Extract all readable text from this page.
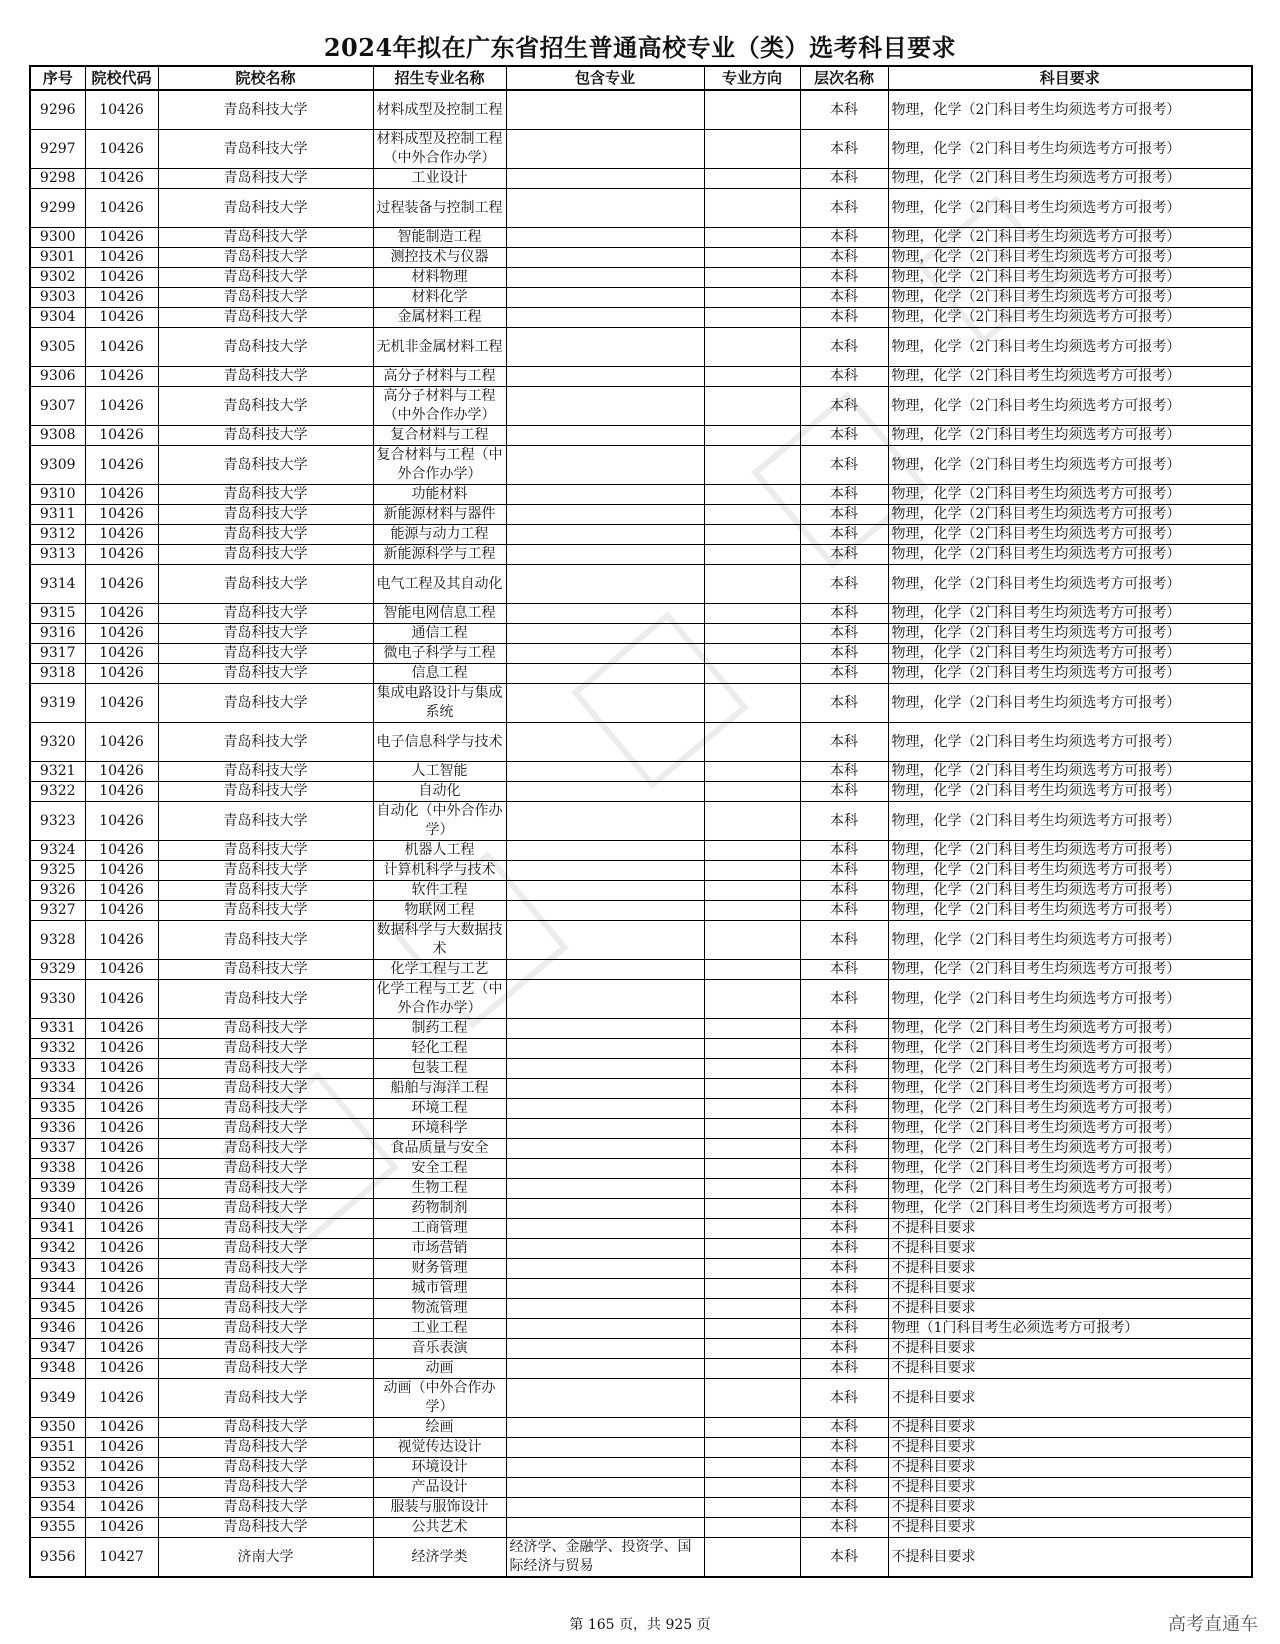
2024年拟在广东省招生普通高校专业（类）选考科目要求
序号	院校代码	院校名称	招生专业名称	包含专业	专业方向	层次名称	科目要求

9296	10426	青岛科技大学	材料成型及控制工程			本科	物理，化学（2门科目考生均须选考方可报考）

9297	10426	青岛科技大学	材料成型及控制工程（中外合作办学）			本科	物理，化学（2门科目考生均须选考方可报考）

9298	10426	青岛科技大学	工业设计			本科	物理，化学（2门科目考生均须选考方可报考）

9299	10426	青岛科技大学	过程装备与控制工程			本科	物理，化学（2门科目考生均须选考方可报考）

9300	10426	青岛科技大学	智能制造工程			本科	物理，化学（2门科目考生均须选考方可报考）

9301	10426	青岛科技大学	测控技术与仪器			本科	物理，化学（2门科目考生均须选考方可报考）

9302	10426	青岛科技大学	材料物理			本科	物理，化学（2门科目考生均须选考方可报考）

9303	10426	青岛科技大学	材料化学			本科	物理，化学（2门科目考生均须选考方可报考）

9304	10426	青岛科技大学	金属材料工程			本科	物理，化学（2门科目考生均须选考方可报考）

9305	10426	青岛科技大学	无机非金属材料工程			本科	物理，化学（2门科目考生均须选考方可报考）

9306	10426	青岛科技大学	高分子材料与工程			本科	物理，化学（2门科目考生均须选考方可报考）

9307	10426	青岛科技大学	高分子材料与工程（中外合作办学）			本科	物理，化学（2门科目考生均须选考方可报考）

9308	10426	青岛科技大学	复合材料与工程			本科	物理，化学（2门科目考生均须选考方可报考）

9309	10426	青岛科技大学	复合材料与工程（中外合作办学）			本科	物理，化学（2门科目考生均须选考方可报考）

9310	10426	青岛科技大学	功能材料			本科	物理，化学（2门科目考生均须选考方可报考）

9311	10426	青岛科技大学	新能源材料与器件			本科	物理，化学（2门科目考生均须选考方可报考）

9312	10426	青岛科技大学	能源与动力工程			本科	物理，化学（2门科目考生均须选考方可报考）

9313	10426	青岛科技大学	新能源科学与工程			本科	物理，化学（2门科目考生均须选考方可报考）

9314	10426	青岛科技大学	电气工程及其自动化			本科	物理，化学（2门科目考生均须选考方可报考）

9315	10426	青岛科技大学	智能电网信息工程			本科	物理，化学（2门科目考生均须选考方可报考）

9316	10426	青岛科技大学	通信工程			本科	物理，化学（2门科目考生均须选考方可报考）

9317	10426	青岛科技大学	微电子科学与工程			本科	物理，化学（2门科目考生均须选考方可报考）

9318	10426	青岛科技大学	信息工程			本科	物理，化学（2门科目考生均须选考方可报考）

9319	10426	青岛科技大学	集成电路设计与集成系统			本科	物理，化学（2门科目考生均须选考方可报考）

9320	10426	青岛科技大学	电子信息科学与技术			本科	物理，化学（2门科目考生均须选考方可报考）

9321	10426	青岛科技大学	人工智能			本科	物理，化学（2门科目考生均须选考方可报考）

9322	10426	青岛科技大学	自动化			本科	物理，化学（2门科目考生均须选考方可报考）

9323	10426	青岛科技大学	自动化（中外合作办学）			本科	物理，化学（2门科目考生均须选考方可报考）

9324	10426	青岛科技大学	机器人工程			本科	物理，化学（2门科目考生均须选考方可报考）

9325	10426	青岛科技大学	计算机科学与技术			本科	物理，化学（2门科目考生均须选考方可报考）

9326	10426	青岛科技大学	软件工程			本科	物理，化学（2门科目考生均须选考方可报考）

9327	10426	青岛科技大学	物联网工程			本科	物理，化学（2门科目考生均须选考方可报考）

9328	10426	青岛科技大学	数据科学与大数据技术			本科	物理，化学（2门科目考生均须选考方可报考）

9329	10426	青岛科技大学	化学工程与工艺			本科	物理，化学（2门科目考生均须选考方可报考）

9330	10426	青岛科技大学	化学工程与工艺（中外合作办学）			本科	物理，化学（2门科目考生均须选考方可报考）

9331	10426	青岛科技大学	制药工程			本科	物理，化学（2门科目考生均须选考方可报考）

9332	10426	青岛科技大学	轻化工程			本科	物理，化学（2门科目考生均须选考方可报考）

9333	10426	青岛科技大学	包装工程			本科	物理，化学（2门科目考生均须选考方可报考）

9334	10426	青岛科技大学	船舶与海洋工程			本科	物理，化学（2门科目考生均须选考方可报考）

9335	10426	青岛科技大学	环境工程			本科	物理，化学（2门科目考生均须选考方可报考）

9336	10426	青岛科技大学	环境科学			本科	物理，化学（2门科目考生均须选考方可报考）

9337	10426	青岛科技大学	食品质量与安全			本科	物理，化学（2门科目考生均须选考方可报考）

9338	10426	青岛科技大学	安全工程			本科	物理，化学（2门科目考生均须选考方可报考）

9339	10426	青岛科技大学	生物工程			本科	物理，化学（2门科目考生均须选考方可报考）

9340	10426	青岛科技大学	药物制剂			本科	物理，化学（2门科目考生均须选考方可报考）

9341	10426	青岛科技大学	工商管理			本科	不提科目要求

9342	10426	青岛科技大学	市场营销			本科	不提科目要求

9343	10426	青岛科技大学	财务管理			本科	不提科目要求

9344	10426	青岛科技大学	城市管理			本科	不提科目要求

9345	10426	青岛科技大学	物流管理			本科	不提科目要求

9346	10426	青岛科技大学	工业工程			本科	物理（1门科目考生必须选考方可报考）

9347	10426	青岛科技大学	音乐表演			本科	不提科目要求

9348	10426	青岛科技大学	动画			本科	不提科目要求

9349	10426	青岛科技大学	动画（中外合作办学）			本科	不提科目要求

9350	10426	青岛科技大学	绘画			本科	不提科目要求

9351	10426	青岛科技大学	视觉传达设计			本科	不提科目要求

9352	10426	青岛科技大学	环境设计			本科	不提科目要求

9353	10426	青岛科技大学	产品设计			本科	不提科目要求

9354	10426	青岛科技大学	服装与服饰设计			本科	不提科目要求

9355	10426	青岛科技大学	公共艺术			本科	不提科目要求

9356	10427	济南大学	经济学类	经济学、金融学、投资学、国际经济与贸易		本科	不提科目要求
第 165 页，共 925 页	高考直通车
